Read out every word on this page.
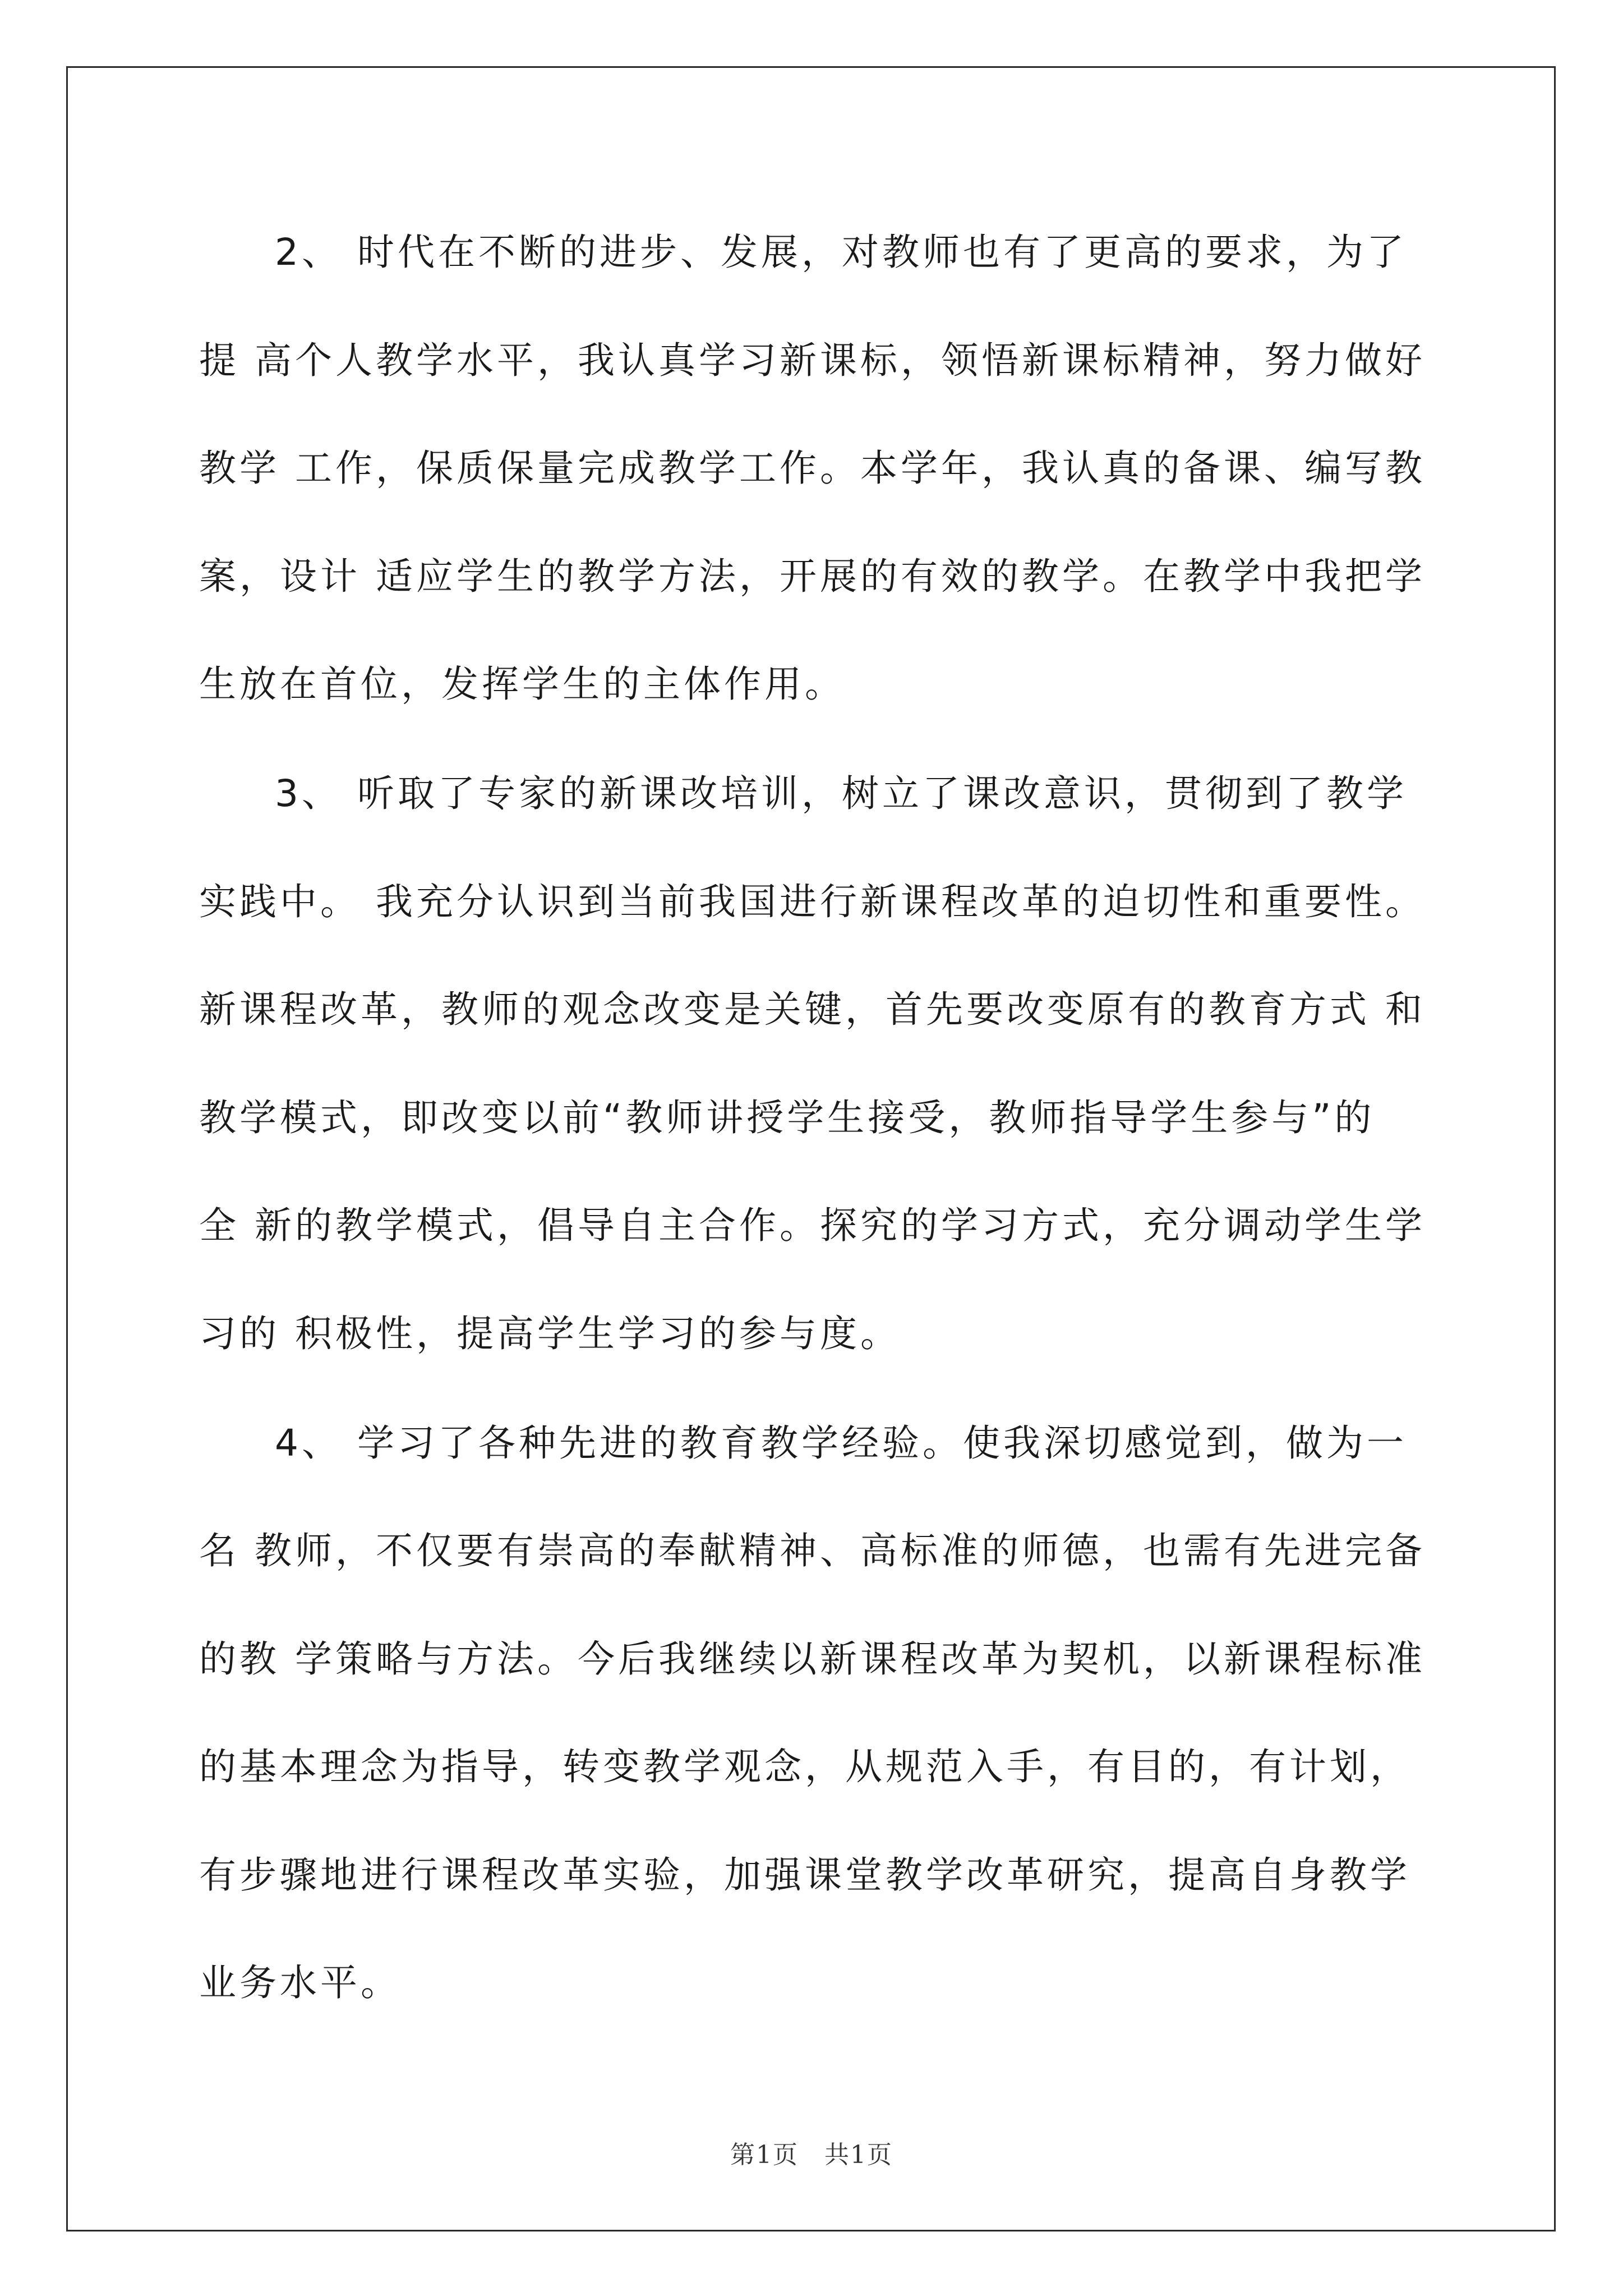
2、 时代在不断的进步、发展，对教师也有了更高的要求，为了
提 高个人教学水平，我认真学习新课标，领悟新课标精神，努力做好
教学 工作，保质保量完成教学工作。本学年，我认真的备课、编写教
案，设计 适应学生的教学方法，开展的有效的教学。在教学中我把学
生放在首位，发挥学生的主体作用。
3、 听取了专家的新课改培训，树立了课改意识，贯彻到了教学
实践中。 我充分认识到当前我国进行新课程改革的迫切性和重要性。
新课程改革，教师的观念改变是关键，首先要改变原有的教育方式 和
教学模式，即改变以前“教师讲授学生接受，教师指导学生参与”的
全 新的教学模式，倡导自主合作。探究的学习方式，充分调动学生学
习的 积极性，提高学生学习的参与度。
4、 学习了各种先进的教育教学经验。使我深切感觉到，做为一
名 教师，不仅要有崇高的奉献精神、高标准的师德，也需有先进完备
的教 学策略与方法。今后我继续以新课程改革为契机，以新课程标准
的基本理念为指导，转变教学观念，从规范入手，有目的，有计划，
有步骤地进行课程改革实验，加强课堂教学改革研究，提高自身教学
业务水平。
第1页　共1页
